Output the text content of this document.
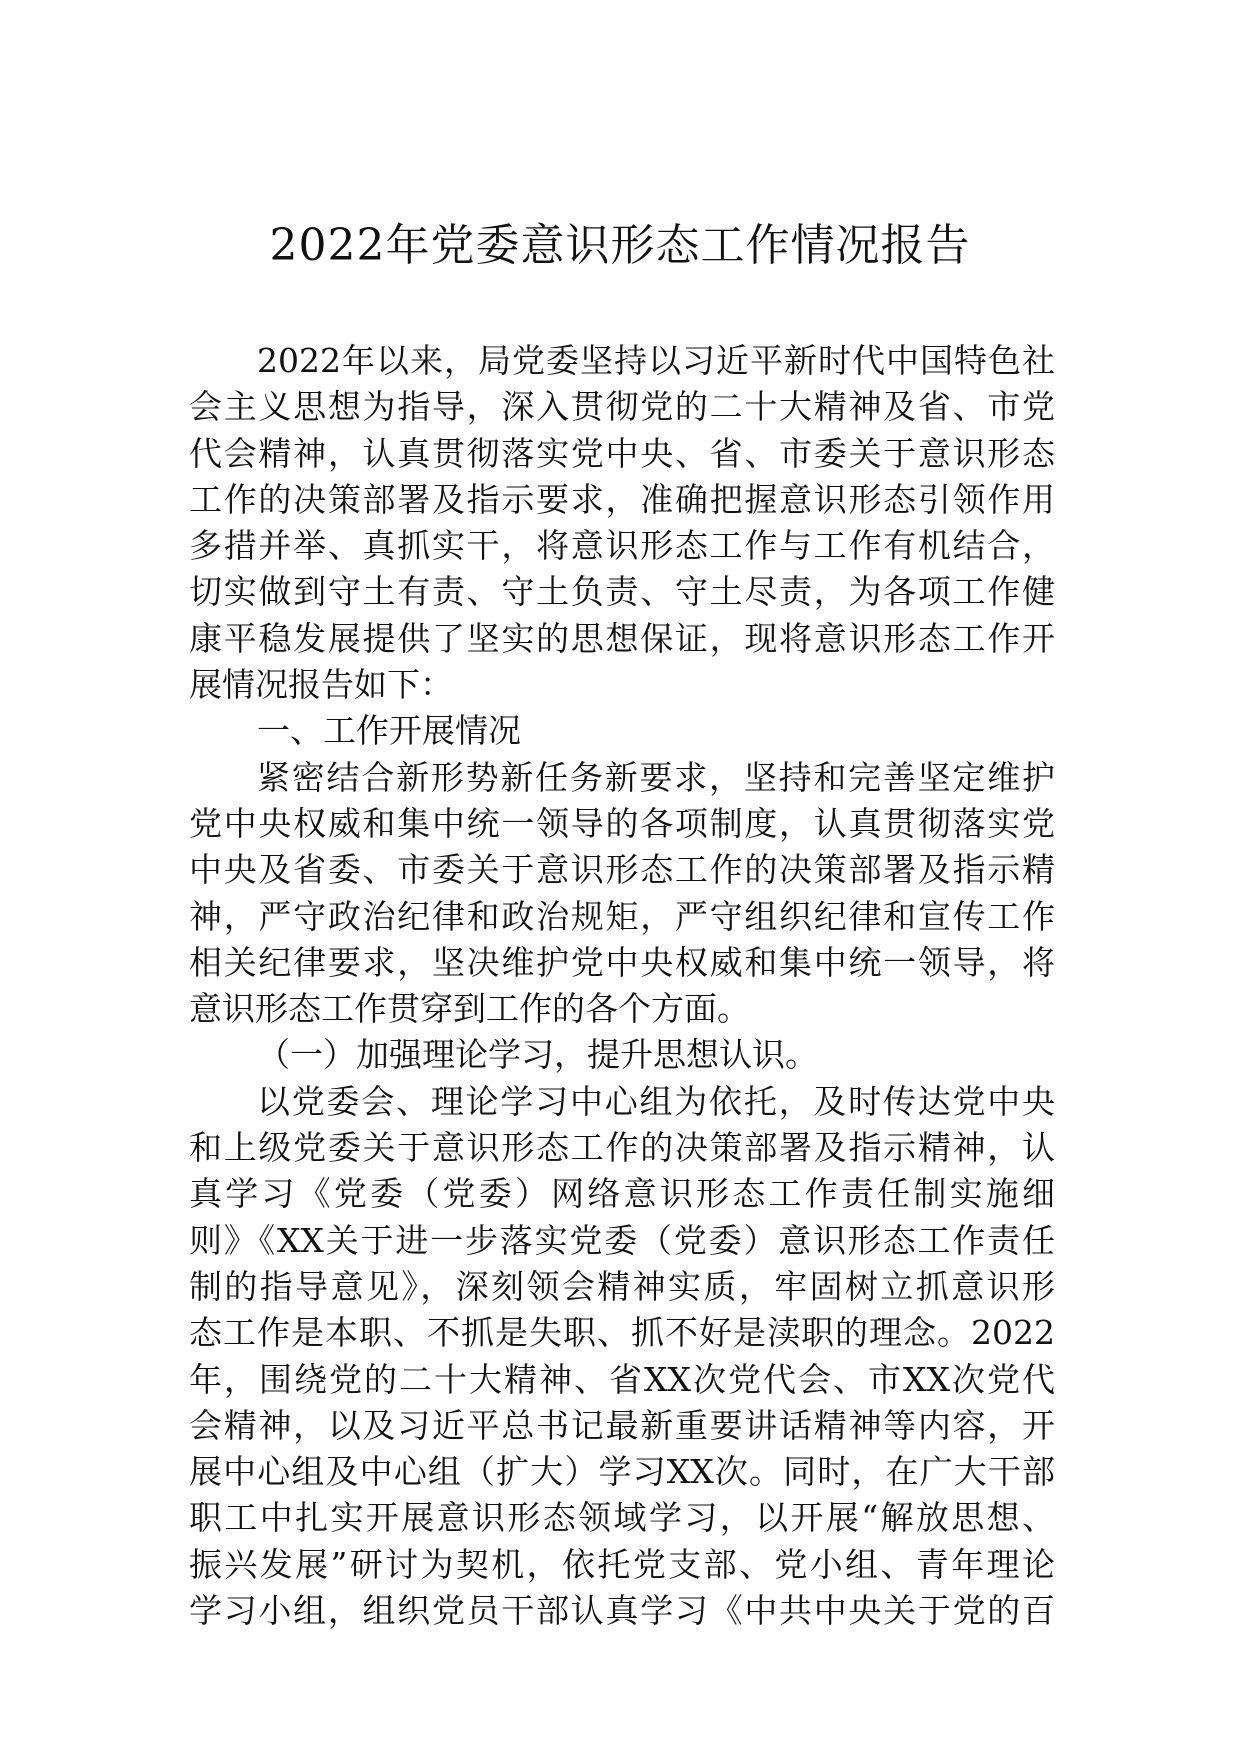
2022年党委意识形态工作情况报告
2022年以来，局党委坚持以习近平新时代中国特色社
会主义思想为指导，深入贯彻党的二十大精神及省、市党
代会精神，认真贯彻落实党中央、省、市委关于意识形态
工作的决策部署及指示要求，准确把握意识形态引领作用
多措并举、真抓实干，将意识形态工作与工作有机结合，
切实做到守土有责、守土负责、守土尽责，为各项工作健
康平稳发展提供了坚实的思想保证，现将意识形态工作开
展情况报告如下：
一、工作开展情况
紧密结合新形势新任务新要求，坚持和完善坚定维护
党中央权威和集中统一领导的各项制度，认真贯彻落实党
中央及省委、市委关于意识形态工作的决策部署及指示精
神，严守政治纪律和政治规矩，严守组织纪律和宣传工作
相关纪律要求，坚决维护党中央权威和集中统一领导，将
意识形态工作贯穿到工作的各个方面。
（一）加强理论学习，提升思想认识。
以党委会、理论学习中心组为依托，及时传达党中央
和上级党委关于意识形态工作的决策部署及指示精神，认
真学习《党委（党委）网络意识形态工作责任制实施细
则》《XX关于进一步落实党委（党委）意识形态工作责任
制的指导意见》，深刻领会精神实质，牢固树立抓意识形
态工作是本职、不抓是失职、抓不好是渎职的理念。2022
年，围绕党的二十大精神、省XX次党代会、市XX次党代
会精神，以及习近平总书记最新重要讲话精神等内容，开
展中心组及中心组（扩大）学习XX次。同时，在广大干部
职工中扎实开展意识形态领域学习，以开展“解放思想、
振兴发展”研讨为契机，依托党支部、党小组、青年理论
学习小组，组织党员干部认真学习《中共中央关于党的百
